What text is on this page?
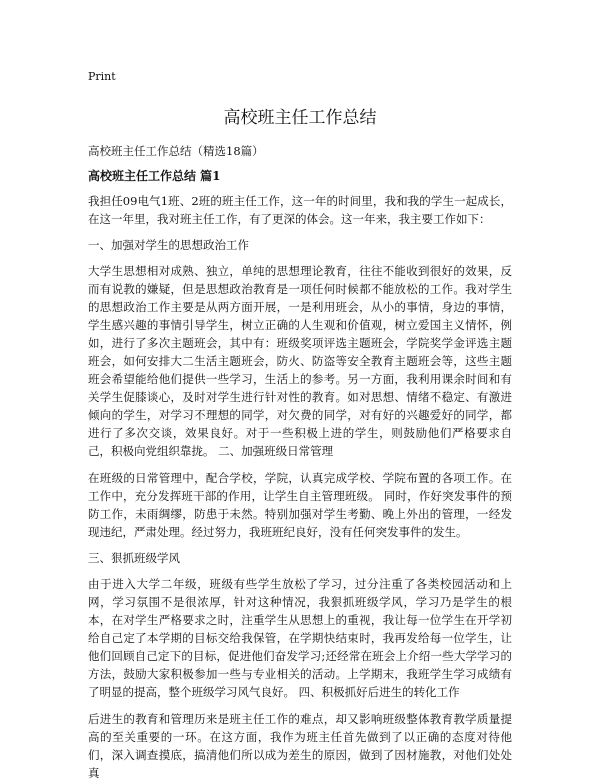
Print
高校班主任工作总结
高校班主任工作总结（精选18篇）
高校班主任工作总结 篇1

我担任09电气1班、2班的班主任工作，这一年的时间里，我和我的学生一起成长，在这一年里，我对班主任工作，有了更深的体会。这一年来，我主要工作如下：

一、加强对学生的思想政治工作

大学生思想相对成熟、独立，单纯的思想理论教育，往往不能收到很好的效果，反而有说教的嫌疑，但是思想政治教育是一项任何时候都不能放松的工作。我对学生的思想政治工作主要是从两方面开展，一是利用班会，从小的事情，身边的事情，学生感兴趣的事情引导学生，树立正确的人生观和价值观，树立爱国主义情怀，例如，进行了多次主题班会，其中有：班级奖项评选主题班会，学院奖学金评选主题班会，如何安排大二生活主题班会，防火、防盗等安全教育主题班会等，这些主题班会希望能给他们提供一些学习，生活上的参考。另一方面，我利用课余时间和有关学生促膝谈心，及时对学生进行针对性的教育。如对思想、情绪不稳定、有激进倾向的学生，对学习不理想的同学，对欠费的同学，对有好的兴趣爱好的同学，都进行了多次交谈，效果良好。对于一些积极上进的学生，则鼓励他们严格要求自己，积极向党组织靠拢。 二、加强班级日常管理

在班级的日常管理中，配合学校，学院，认真完成学校、学院布置的各项工作。在工作中，充分发挥班干部的作用，让学生自主管理班级。 同时，作好突发事件的预防工作，未雨绸缪，防患于未然。特别加强对学生考勤、晚上外出的管理，一经发现违纪，严肃处理。经过努力，我班班纪良好，没有任何突发事件的发生。

三、狠抓班级学风

由于进入大学二年级，班级有些学生放松了学习，过分注重了各类校园活动和上网，学习氛围不是很浓厚，针对这种情况，我狠抓班级学风，学习乃是学生的根本，在对学生严格要求之时，注重学生从思想上的重视，我让每一位学生在开学初给自己定了本学期的目标交给我保管，在学期快结束时，我再发给每一位学生，让他们回顾自己定下的目标，促进他们奋发学习;还经常在班会上介绍一些大学学习的方法，鼓励大家积极参加一些与专业相关的活动。上学期末，我班学生学习成绩有了明显的提高，整个班级学习风气良好。 四、积极抓好后进生的转化工作

后进生的教育和管理历来是班主任工作的难点，却又影响班级整体教育教学质量提高的至关重要的一环。在这方面，我作为班主任首先做到了以正确的态度对待他们，深入调查摸底，搞清他们所以成为差生的原因，做到了因材施教，对他们处处真
